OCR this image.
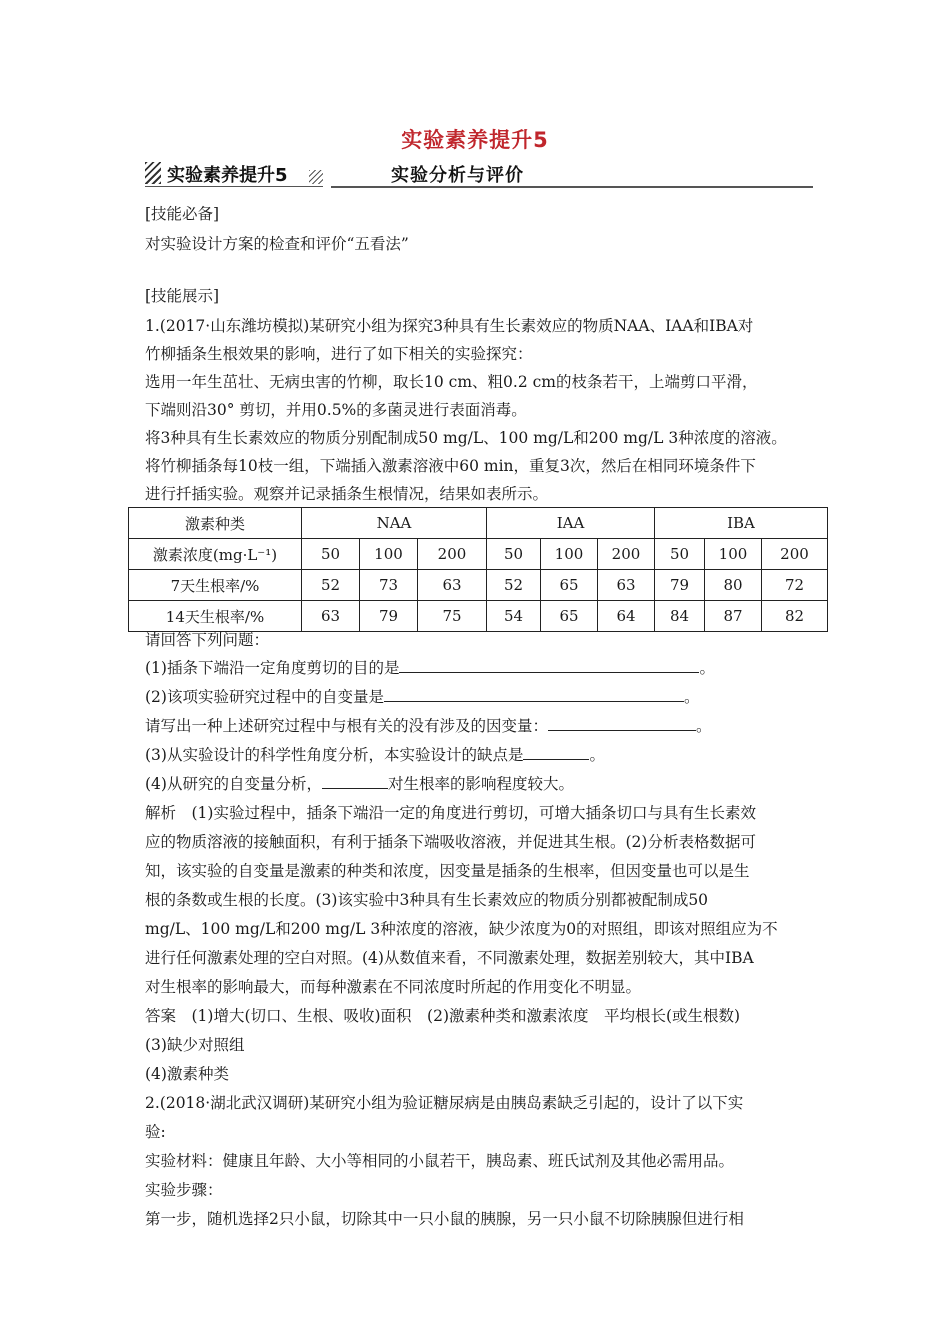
实验素养提升5
实验素养提升5	实验分析与评价
[技能必备]
对实验设计方案的检查和评价“五看法”
[技能展示]
1.(2017·山东潍坊模拟)某研究小组为探究3种具有生长素效应的物质NAA、IAA和IBA对
竹柳插条生根效果的影响，进行了如下相关的实验探究：
选用一年生茁壮、无病虫害的竹柳，取长10 cm、粗0.2 cm的枝条若干，上端剪口平滑，
下端则沿30° 剪切，并用0.5%的多菌灵进行表面消毒。
将3种具有生长素效应的物质分别配制成50 mg/L、100 mg/L和200 mg/L 3种浓度的溶液。
将竹柳插条每10枝一组，下端插入激素溶液中60 min，重复3次，然后在相同环境条件下
进行扦插实验。观察并记录插条生根情况，结果如表所示。
激素种类	NAA			IAA			IBA		
激素浓度(mg·L⁻¹)	50	100	200	50	100	200	50	100	200
7天生根率/%	52	73	63	52	65	63	79	80	72
14天生根率/%	63	79	75	54	65	64	84	87	82
请回答下列问题：
(1)插条下端沿一定角度剪切的目的是	。
(2)该项实验研究过程中的自变量是	。
请写出一种上述研究过程中与根有关的没有涉及的因变量：	。
(3)从实验设计的科学性角度分析，本实验设计的缺点是	。
(4)从研究的自变量分析，	对生根率的影响程度较大。
解析　(1)实验过程中，插条下端沿一定的角度进行剪切，可增大插条切口与具有生长素效
应的物质溶液的接触面积，有利于插条下端吸收溶液，并促进其生根。(2)分析表格数据可
知，该实验的自变量是激素的种类和浓度，因变量是插条的生根率，但因变量也可以是生
根的条数或生根的长度。(3)该实验中3种具有生长素效应的物质分别都被配制成50
mg/L、100 mg/L和200 mg/L 3种浓度的溶液，缺少浓度为0的对照组，即该对照组应为不
进行任何激素处理的空白对照。(4)从数值来看，不同激素处理，数据差别较大，其中IBA
对生根率的影响最大，而每种激素在不同浓度时所起的作用变化不明显。
答案　(1)增大(切口、生根、吸收)面积　(2)激素种类和激素浓度　平均根长(或生根数)
(3)缺少对照组
(4)激素种类
2.(2018·湖北武汉调研)某研究小组为验证糖尿病是由胰岛素缺乏引起的，设计了以下实
验:
实验材料：健康且年龄、大小等相同的小鼠若干，胰岛素、班氏试剂及其他必需用品。
实验步骤：
第一步，随机选择2只小鼠，切除其中一只小鼠的胰腺，另一只小鼠不切除胰腺但进行相
